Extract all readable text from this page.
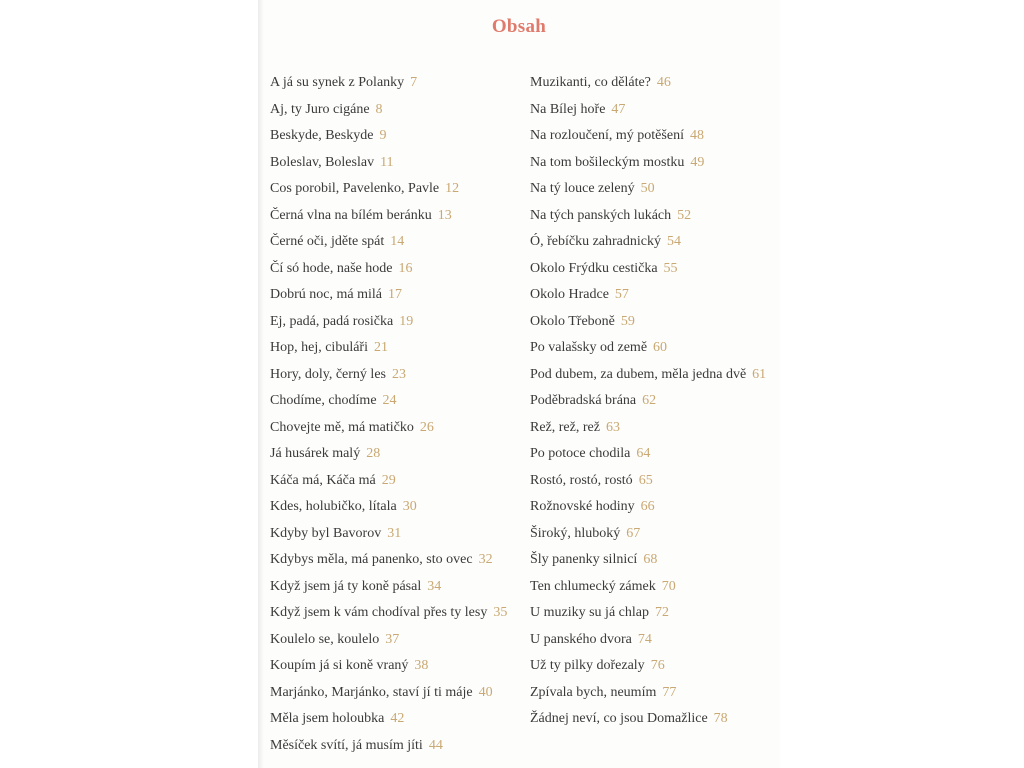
Obsah
A já su synek z Polanky 7
Aj, ty Juro cigáne 8
Beskyde, Beskyde 9
Boleslav, Boleslav 11
Cos porobil, Pavelenko, Pavle 12
Černá vlna na bílém beránku 13
Černé oči, jděte spát 14
Čí só hode, naše hode 16
Dobrú noc, má milá 17
Ej, padá, padá rosička 19
Hop, hej, cibuláři 21
Hory, doly, černý les 23
Chodíme, chodíme 24
Chovejte mě, má matičko 26
Já husárek malý 28
Káča má, Káča má 29
Kdes, holubičko, lítala 30
Kdyby byl Bavorov 31
Kdybys měla, má panenko, sto ovec 32
Když jsem já ty koně pásal 34
Když jsem k vám chodíval přes ty lesy 35
Koulelo se, koulelo 37
Koupím já si koně vraný 38
Marjánko, Marjánko, staví jí ti máje 40
Měla jsem holoubka 42
Měsíček svítí, já musím jíti 44
Muzikanti, co děláte? 46
Na Bílej hoře 47
Na rozloučení, mý potěšení 48
Na tom bošileckým mostku 49
Na tý louce zelený 50
Na tých panských lukách 52
Ó, řebíčku zahradnický 54
Okolo Frýdku cestička 55
Okolo Hradce 57
Okolo Třeboně 59
Po valašsky od země 60
Pod dubem, za dubem, měla jedna dvě 61
Poděbradská brána 62
Rež, rež, rež 63
Po potoce chodila 64
Rostó, rostó, rostó 65
Rožnovské hodiny 66
Široký, hluboký 67
Šly panenky silnicí 68
Ten chlumecký zámek 70
U muziky su já chlap 72
U panského dvora 74
Už ty pilky dořezaly 76
Zpívala bych, neumím 77
Žádnej neví, co jsou Domažlice 78
